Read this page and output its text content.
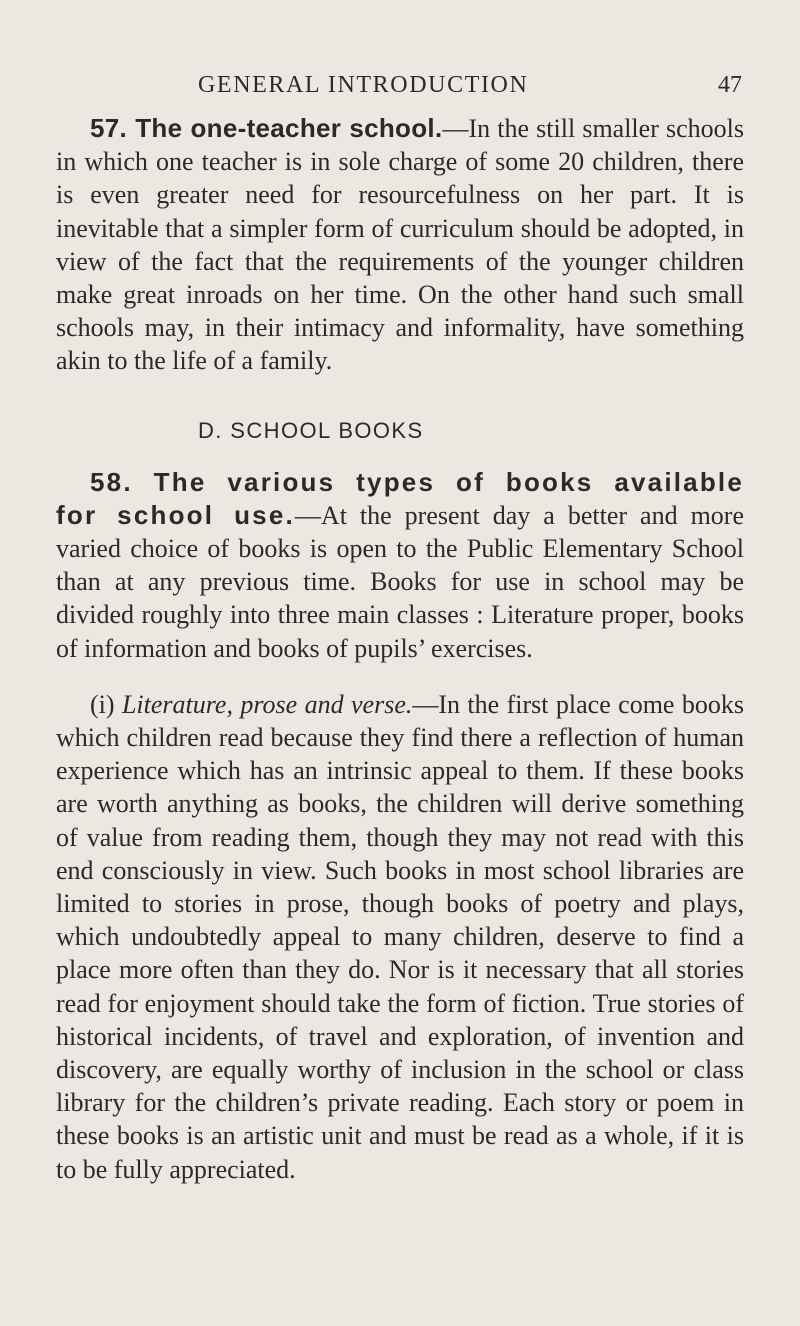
GENERAL INTRODUCTION	47

57. The one-teacher school.—In the still smaller schools in which one teacher is in sole charge of some 20 children, there is even greater need for resourcefulness on her part. It is inevitable that a simpler form of curriculum should be adopted, in view of the fact that the requirements of the younger children make great inroads on her time. On the other hand such small schools may, in their intimacy and informality, have something akin to the life of a family.

D. SCHOOL BOOKS

58. The various types of books available for school use.—At the present day a better and more varied choice of books is open to the Public Elementary School than at any previous time. Books for use in school may be divided roughly into three main classes : Literature proper, books of information and books of pupils’ exercises.

(i) Literature, prose and verse.—In the first place come books which children read because they find there a reflection of human experience which has an intrinsic appeal to them. If these books are worth anything as books, the children will derive something of value from reading them, though they may not read with this end consciously in view. Such books in most school libraries are limited to stories in prose, though books of poetry and plays, which undoubtedly appeal to many children, deserve to find a place more often than they do. Nor is it necessary that all stories read for enjoyment should take the form of fiction. True stories of historical incidents, of travel and exploration, of invention and discovery, are equally worthy of inclusion in the school or class library for the children’s private reading. Each story or poem in these books is an artistic unit and must be read as a whole, if it is to be fully appreciated.
